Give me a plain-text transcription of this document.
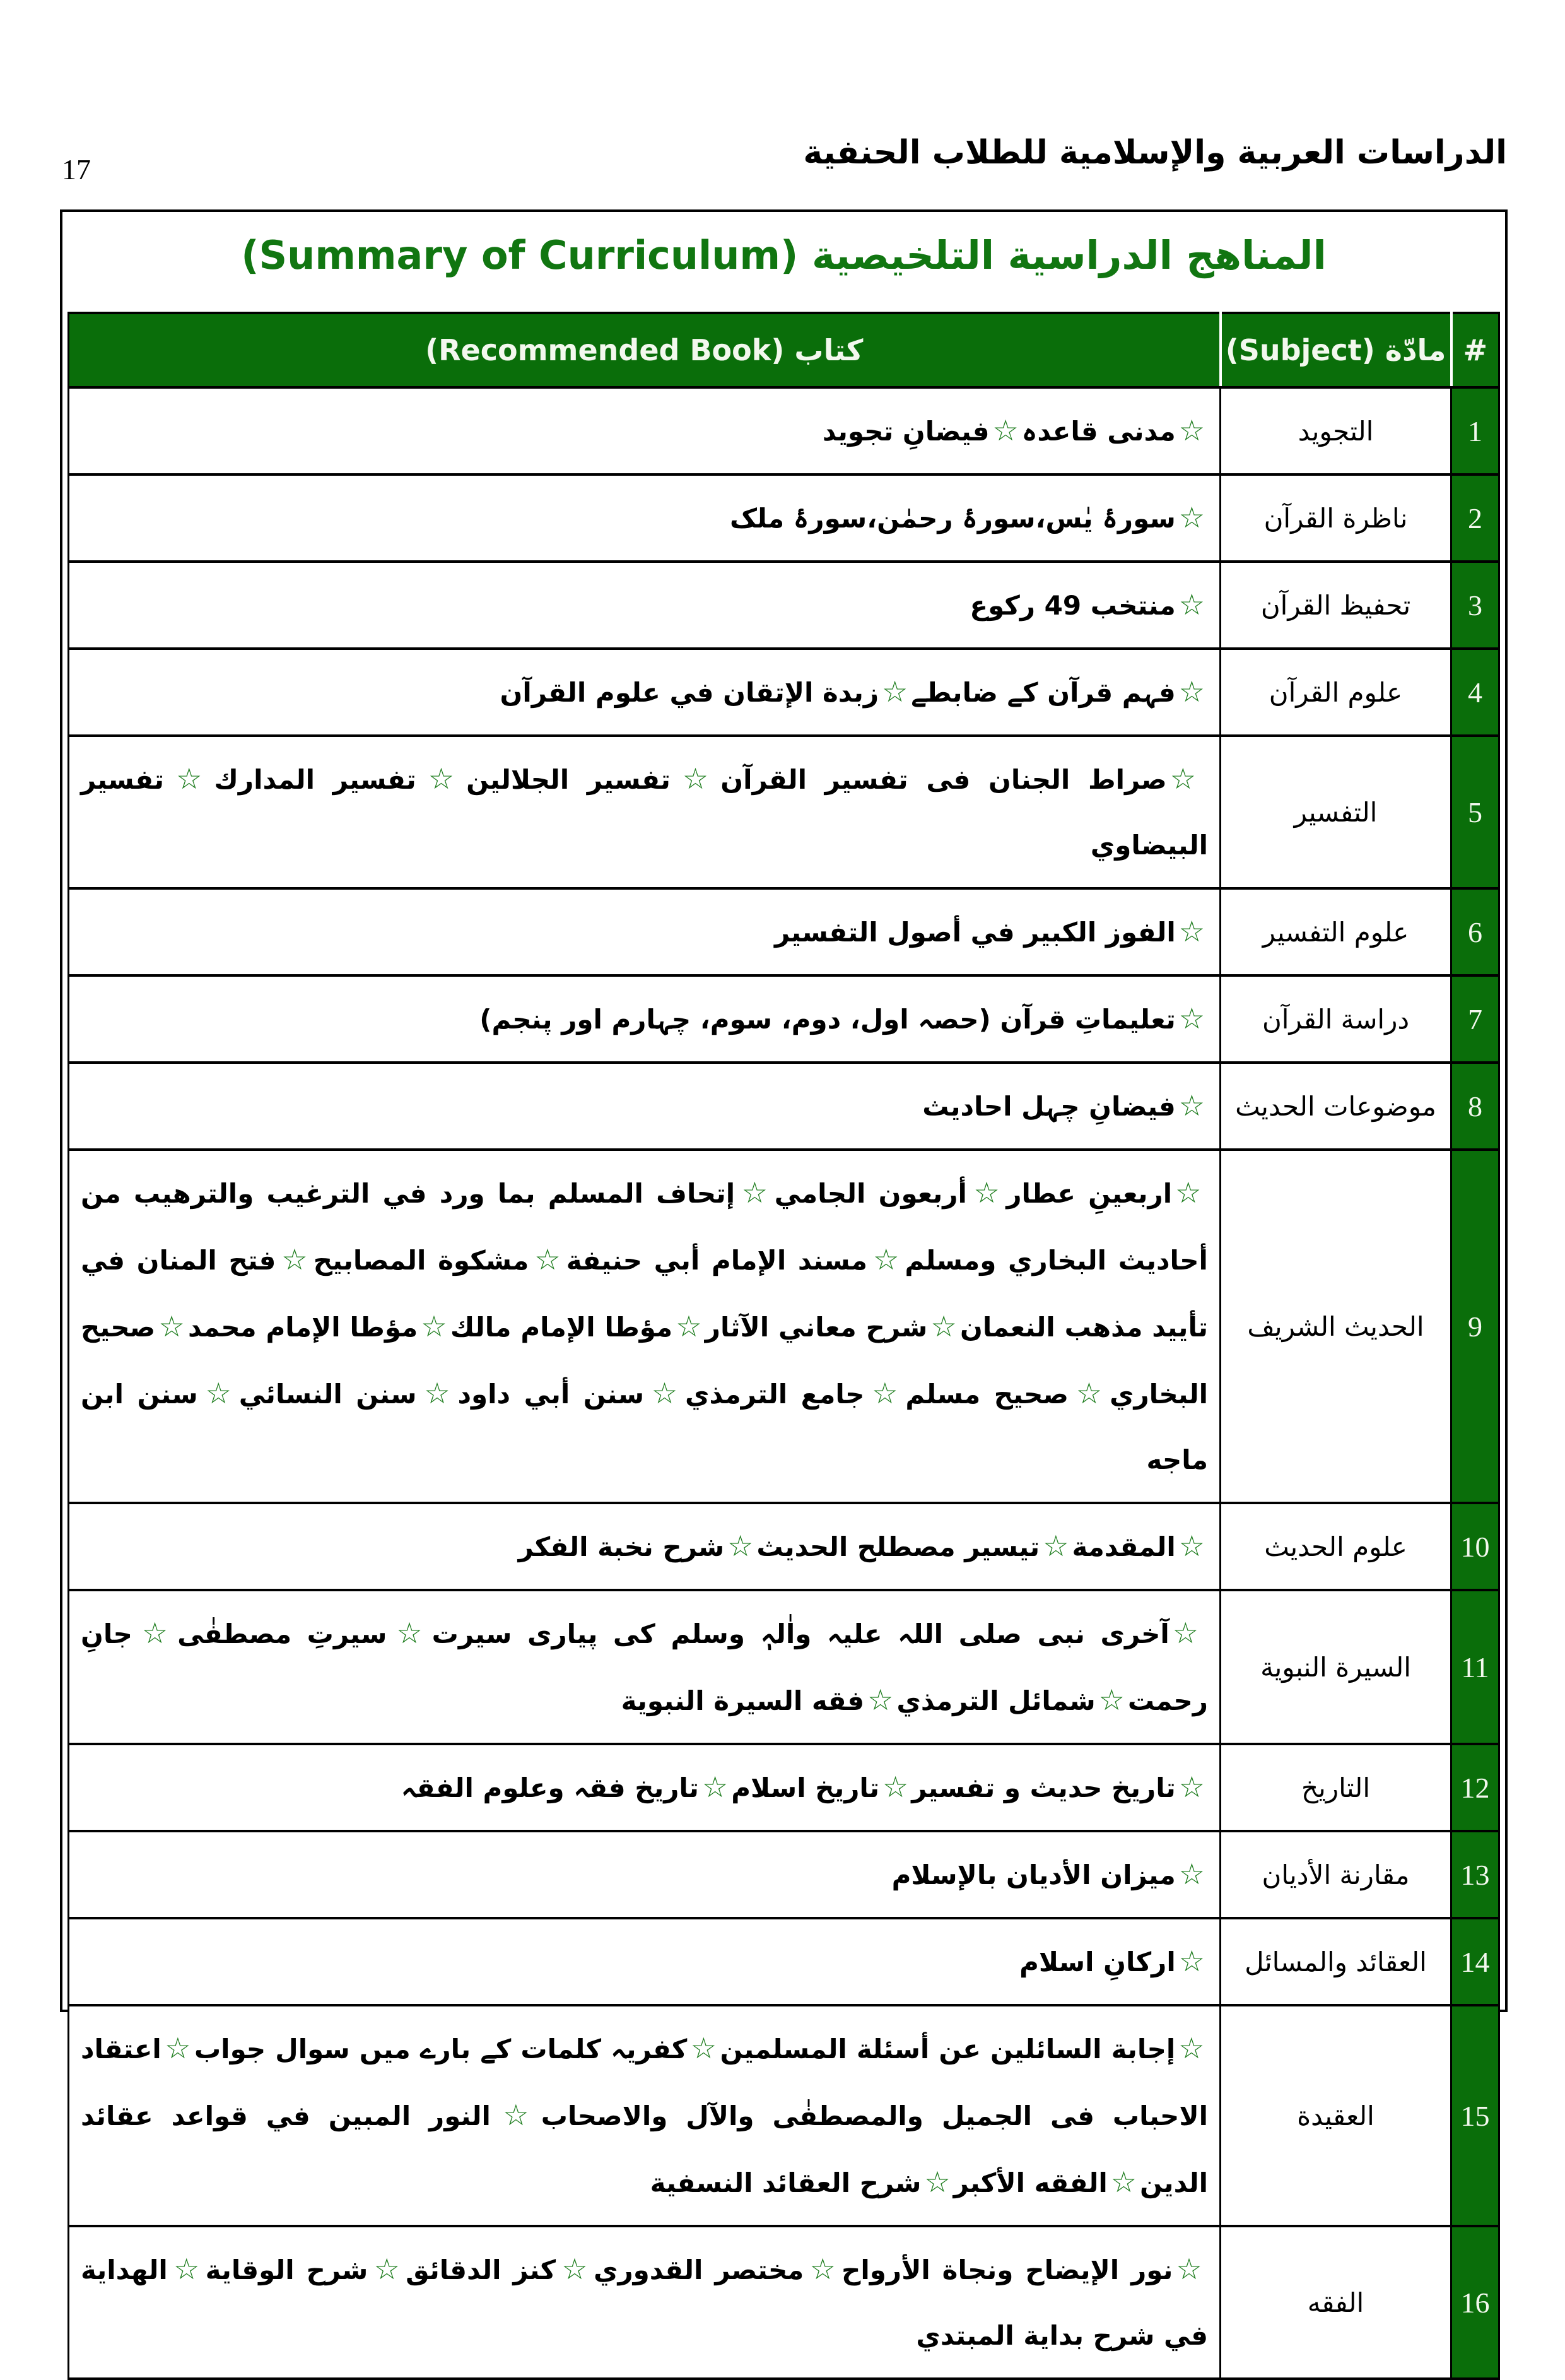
الدراسات العربية والإسلامية للطلاب الحنفية
17
المناهج الدراسية التلخيصية (Summary of Curriculum)
#	مادّة (Subject)	كتاب (Recommended Book)
1	التجويد	☆مدنی قاعدہ☆فیضانِ تجوید
2	ناظرة القرآن	☆سورۂ یٰس،سورۂ رحمٰن،سورۂ ملک
3	تحفيظ القرآن	☆منتخب 49 رکوع
4	علوم القرآن	☆فہم قرآن کے ضابطے☆زبدة الإتقان في علوم القرآن
5	التفسير	☆صراط الجنان فی تفسیر القرآن☆تفسير الجلالين☆تفسير المدارك☆تفسير البيضاوي
6	علوم التفسير	☆الفوز الكبير في أصول التفسير
7	دراسة القرآن	☆تعلیماتِ قرآن (حصہ اول، دوم، سوم، چہارم اور پنجم)
8	موضوعات الحديث	☆فیضانِ چہل احادیث
9	الحديث الشريف	☆اربعینِ عطار☆أربعون الجامي☆إتحاف المسلم بما ورد في الترغيب والترهيب من أحاديث البخاري ومسلم☆مسند الإمام أبي حنيفة☆مشكوة المصابيح☆فتح المنان في تأييد مذهب النعمان☆شرح معاني الآثار☆مؤطا الإمام مالك☆مؤطا الإمام محمد☆صحيح البخاري☆صحيح مسلم☆جامع الترمذي☆سنن أبي داود☆سنن النسائي☆سنن ابن ماجه
10	علوم الحديث	☆المقدمة☆تيسير مصطلح الحديث☆شرح نخبة الفكر
11	السيرة النبوية	☆آخری نبی صلی اللہ علیہ واٰلہٖ وسلم کی پیاری سیرت☆سیرتِ مصطفٰی☆جانِ رحمت☆شمائل الترمذي☆فقه السيرة النبوية
12	التاريخ	☆تاریخ حدیث و تفسیر☆تاریخ اسلام☆تاریخ فقہ وعلوم الفقہ
13	مقارنة الأديان	☆ميزان الأديان بالإسلام
14	العقائد والمسائل	☆ارکانِ اسلام
15	العقيدة	☆إجابة السائلين عن أسئلة المسلمين☆کفریہ کلمات کے بارے میں سوال جواب☆اعتقاد الاحباب فی الجمیل والمصطفٰی والآل والاصحاب☆النور المبين في قواعد عقائد الدين☆الفقه الأكبر☆شرح العقائد النسفية
16	الفقه	☆نور الإيضاح ونجاة الأرواح☆مختصر القدوري☆كنز الدقائق☆شرح الوقاية☆الهداية في شرح بداية المبتدي
